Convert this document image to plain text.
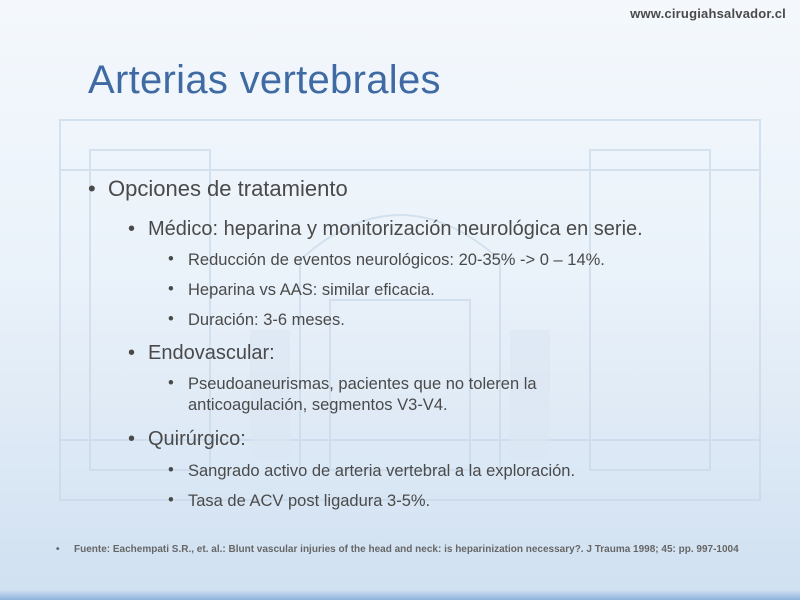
www.cirugiahsalvador.cl
Arterias vertebrales
• Opciones de tratamiento
• Médico: heparina y monitorización neurológica en serie.
• Reducción de eventos neurológicos: 20-35% -> 0 – 14%.
• Heparina vs AAS: similar eficacia.
• Duración: 3-6 meses.
• Endovascular:
• Pseudoaneurismas, pacientes que no toleren la
anticoagulación, segmentos V3-V4.
• Quirúrgico:
• Sangrado activo de arteria vertebral a la exploración.
• Tasa de ACV post ligadura 3-5%.
• Fuente: Eachempati S.R., et. al.: Blunt vascular injuries of the head and neck: is heparinization necessary?. J Trauma 1998; 45: pp. 997-1004
